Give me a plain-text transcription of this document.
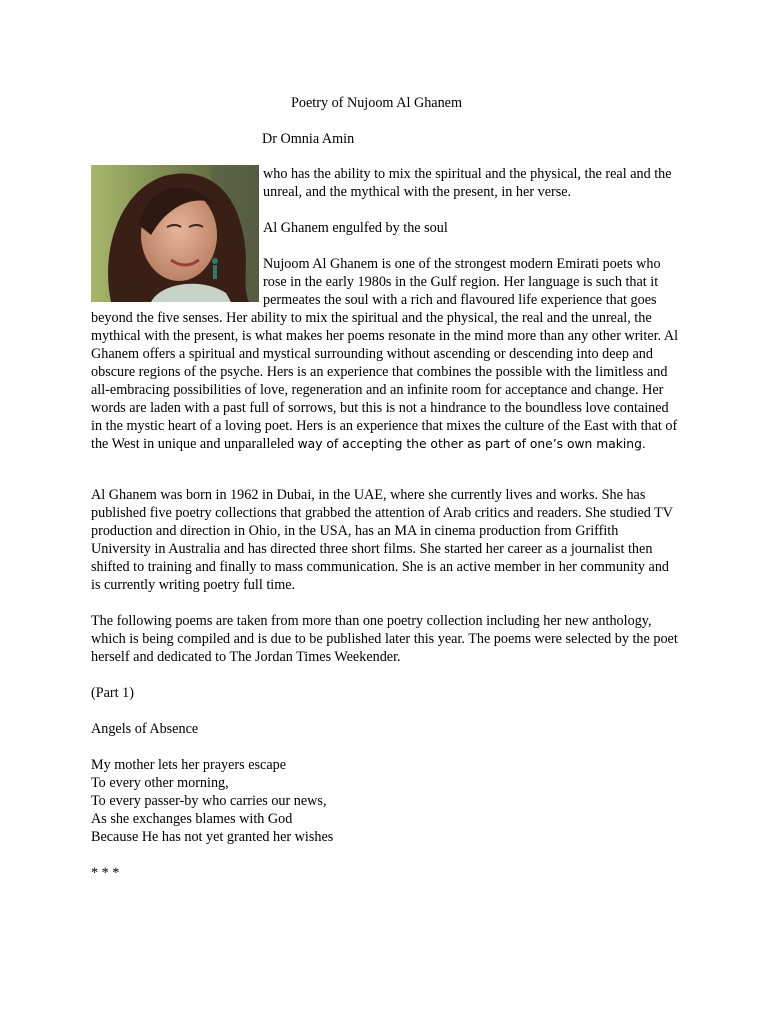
Poetry of Nujoom Al Ghanem
Dr Omnia Amin

who has the ability to mix the spiritual and the physical, the real and the unreal, and the mythical with the present, in her verse.

Al Ghanem engulfed by the soul

Nujoom Al Ghanem is one of the strongest modern Emirati poets who rose in the early 1980s in the Gulf region. Her language is such that it permeates the soul with a rich and flavoured life experience that goes beyond the five senses. Her ability to mix the spiritual and the physical, the real and the unreal, the mythical with the present, is what makes her poems resonate in the mind more than any other writer. Al Ghanem offers a spiritual and mystical surrounding without ascending or descending into deep and obscure regions of the psyche. Hers is an experience that combines the possible with the limitless and all-embracing possibilities of love, regeneration and an infinite room for acceptance and change. Her words are laden with a past full of sorrows, but this is not a hindrance to the boundless love contained in the mystic heart of a loving poet. Hers is an experience that mixes the culture of the East with that of the West in unique and unparalleled way of accepting the other as part of one’s own making.

Al Ghanem was born in 1962 in Dubai, in the UAE, where she currently lives and works. She has published five poetry collections that grabbed the attention of Arab critics and readers. She studied TV production and direction in Ohio, in the USA, has an MA in cinema production from Griffith University in Australia and has directed three short films. She started her career as a journalist then shifted to training and finally to mass communication. She is an active member in her community and is currently writing poetry full time.

The following poems are taken from more than one poetry collection including her new anthology, which is being compiled and is due to be published later this year. The poems were selected by the poet herself and dedicated to The Jordan Times Weekender.

(Part 1)

Angels of Absence

My mother lets her prayers escape

To every other morning,

To every passer-by who carries our news,

As she exchanges blames with God

Because He has not yet granted her wishes

* * *
